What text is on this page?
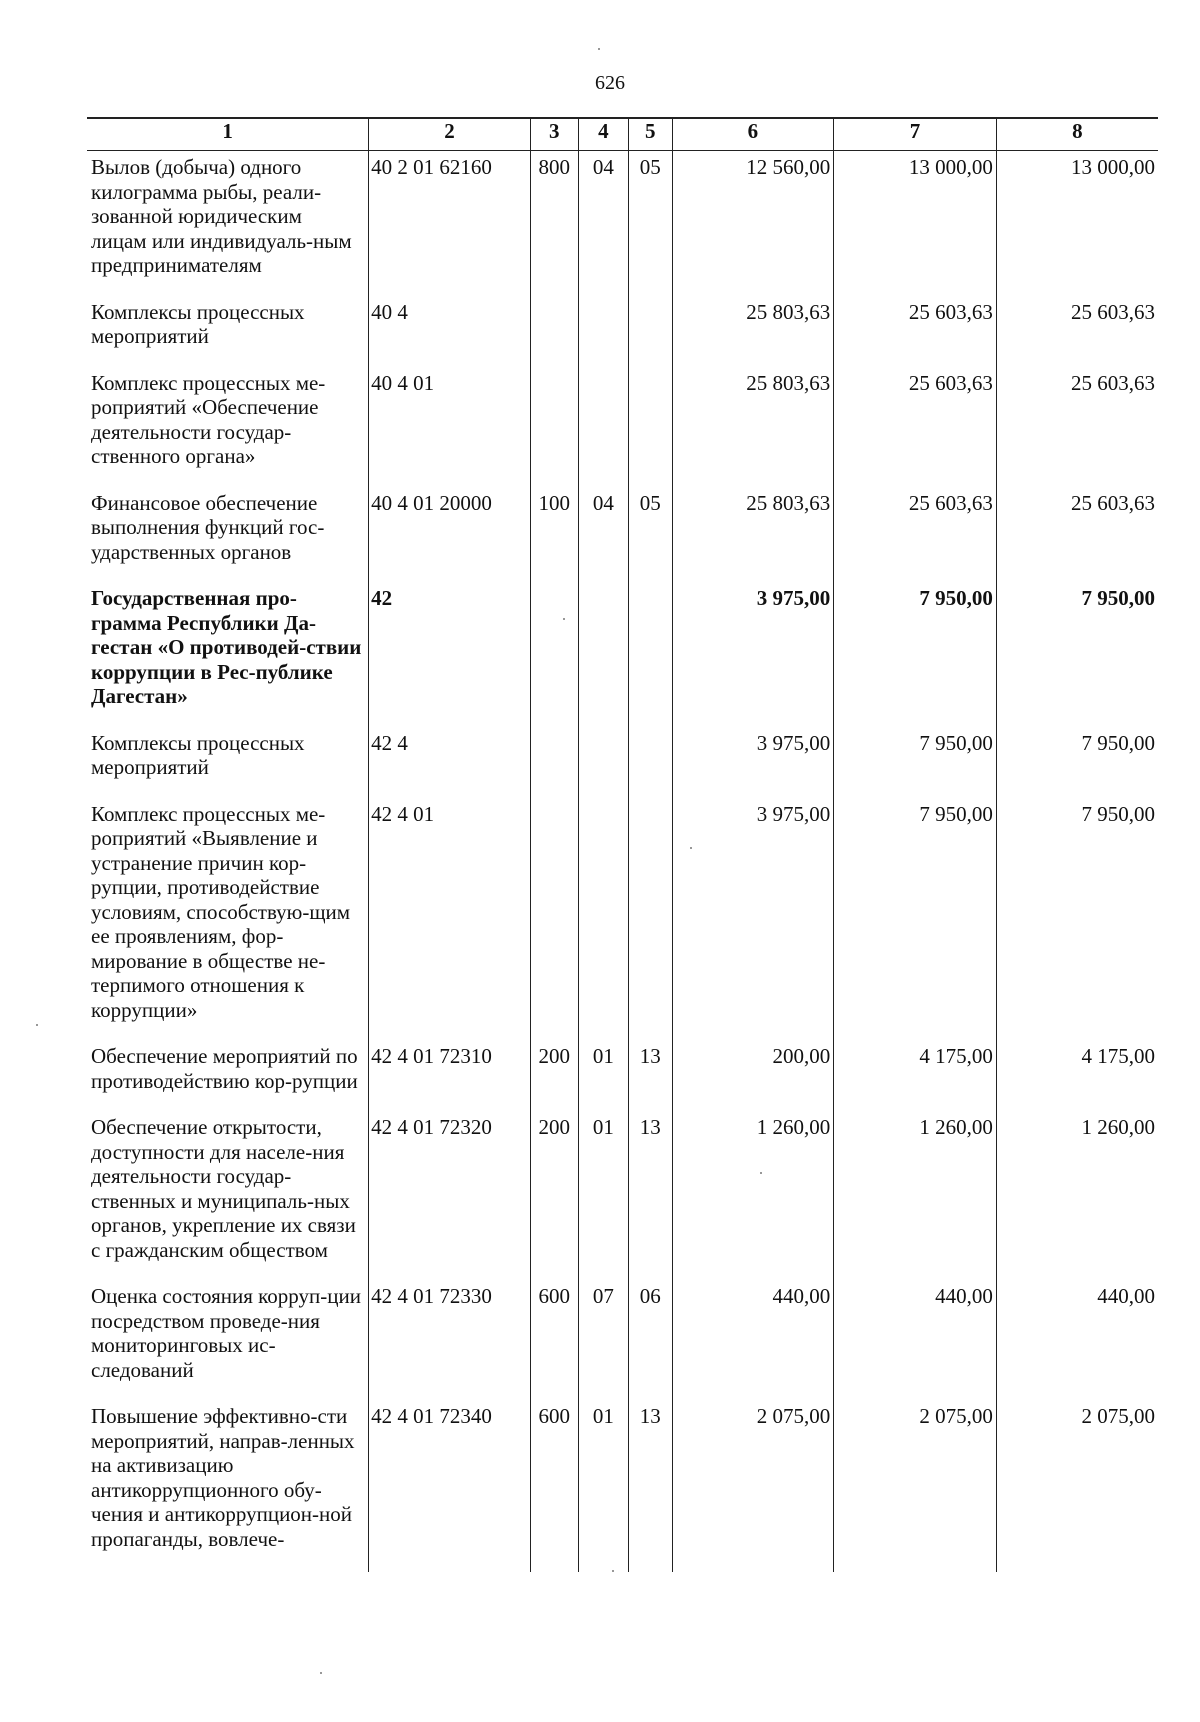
626
1	2	3	4	5	6	7	8
Вылов (добыча) одного килограмма рыбы, реали-зованной юридическим лицам или индивидуаль-ным предпринимателям	40 2 01 62160	800	04	05	12 560,00	13 000,00	13 000,00
Комплексы процессных мероприятий	40 4				25 803,63	25 603,63	25 603,63
Комплекс процессных ме-роприятий «Обеспечение деятельности государ-ственного органа»	40 4 01				25 803,63	25 603,63	25 603,63
Финансовое обеспечение выполнения функций гос-ударственных органов	40 4 01 20000	100	04	05	25 803,63	25 603,63	25 603,63
Государственная про-грамма Республики Да-гестан «О противодей-ствии коррупции в Рес-публике Дагестан»	42				3 975,00	7 950,00	7 950,00
Комплексы процессных мероприятий	42 4				3 975,00	7 950,00	7 950,00
Комплекс процессных ме-роприятий «Выявление и устранение причин кор-рупции, противодействие условиям, способствую-щим ее проявлениям, фор-мирование в обществе не-терпимого отношения к коррупции»	42 4 01				3 975,00	7 950,00	7 950,00
Обеспечение мероприятий по противодействию кор-рупции	42 4 01 72310	200	01	13	200,00	4 175,00	4 175,00
Обеспечение открытости, доступности для населе-ния деятельности государ-ственных и муниципаль-ных органов, укрепление их связи с гражданским обществом	42 4 01 72320	200	01	13	1 260,00	1 260,00	1 260,00
Оценка состояния корруп-ции посредством проведе-ния мониторинговых ис-следований	42 4 01 72330	600	07	06	440,00	440,00	440,00
Повышение эффективно-сти мероприятий, направ-ленных на активизацию антикоррупционного обу-чения и антикоррупцион-ной пропаганды, вовлече-	42 4 01 72340	600	01	13	2 075,00	2 075,00	2 075,00
